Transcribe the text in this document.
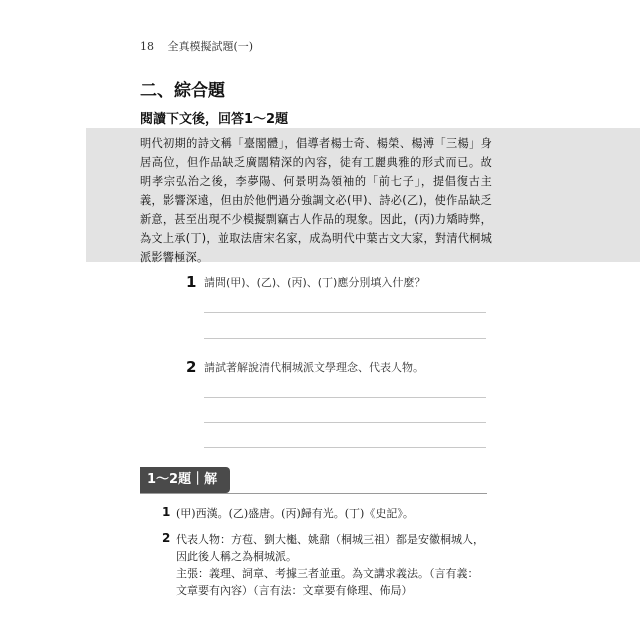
18 全真模擬試題(一)
二、綜合題
閱讀下文後，回答1～2題
明代初期的詩文稱「臺閣體」，倡導者楊士奇、楊榮、楊溥「三楊」身居高位，但作品缺乏廣闊精深的內容，徒有工麗典雅的形式而已。故明孝宗弘治之後，李夢陽、何景明為領袖的「前七子」，提倡復古主義，影響深遠，但由於他們過分強調文必(甲)、詩必(乙)，使作品缺乏新意，甚至出現不少模擬剽竊古人作品的現象。因此，(丙)力矯時弊，為文上承(丁)，並取法唐宋名家，成為明代中葉古文大家，對清代桐城派影響極深。
1 請問(甲)、(乙)、(丙)、(丁)應分別填入什麼？
2 請試著解說清代桐城派文學理念、代表人物。
1～2題｜解
1 (甲)西漢。(乙)盛唐。(丙)歸有光。(丁)《史記》。
2 代表人物：方苞、劉大櫆、姚鼐（桐城三祖）都是安徽桐城人，
因此後人稱之為桐城派。
主張：義理、詞章、考據三者並重。為文講求義法。（言有義：
文章要有內容）（言有法：文章要有條理、佈局）
